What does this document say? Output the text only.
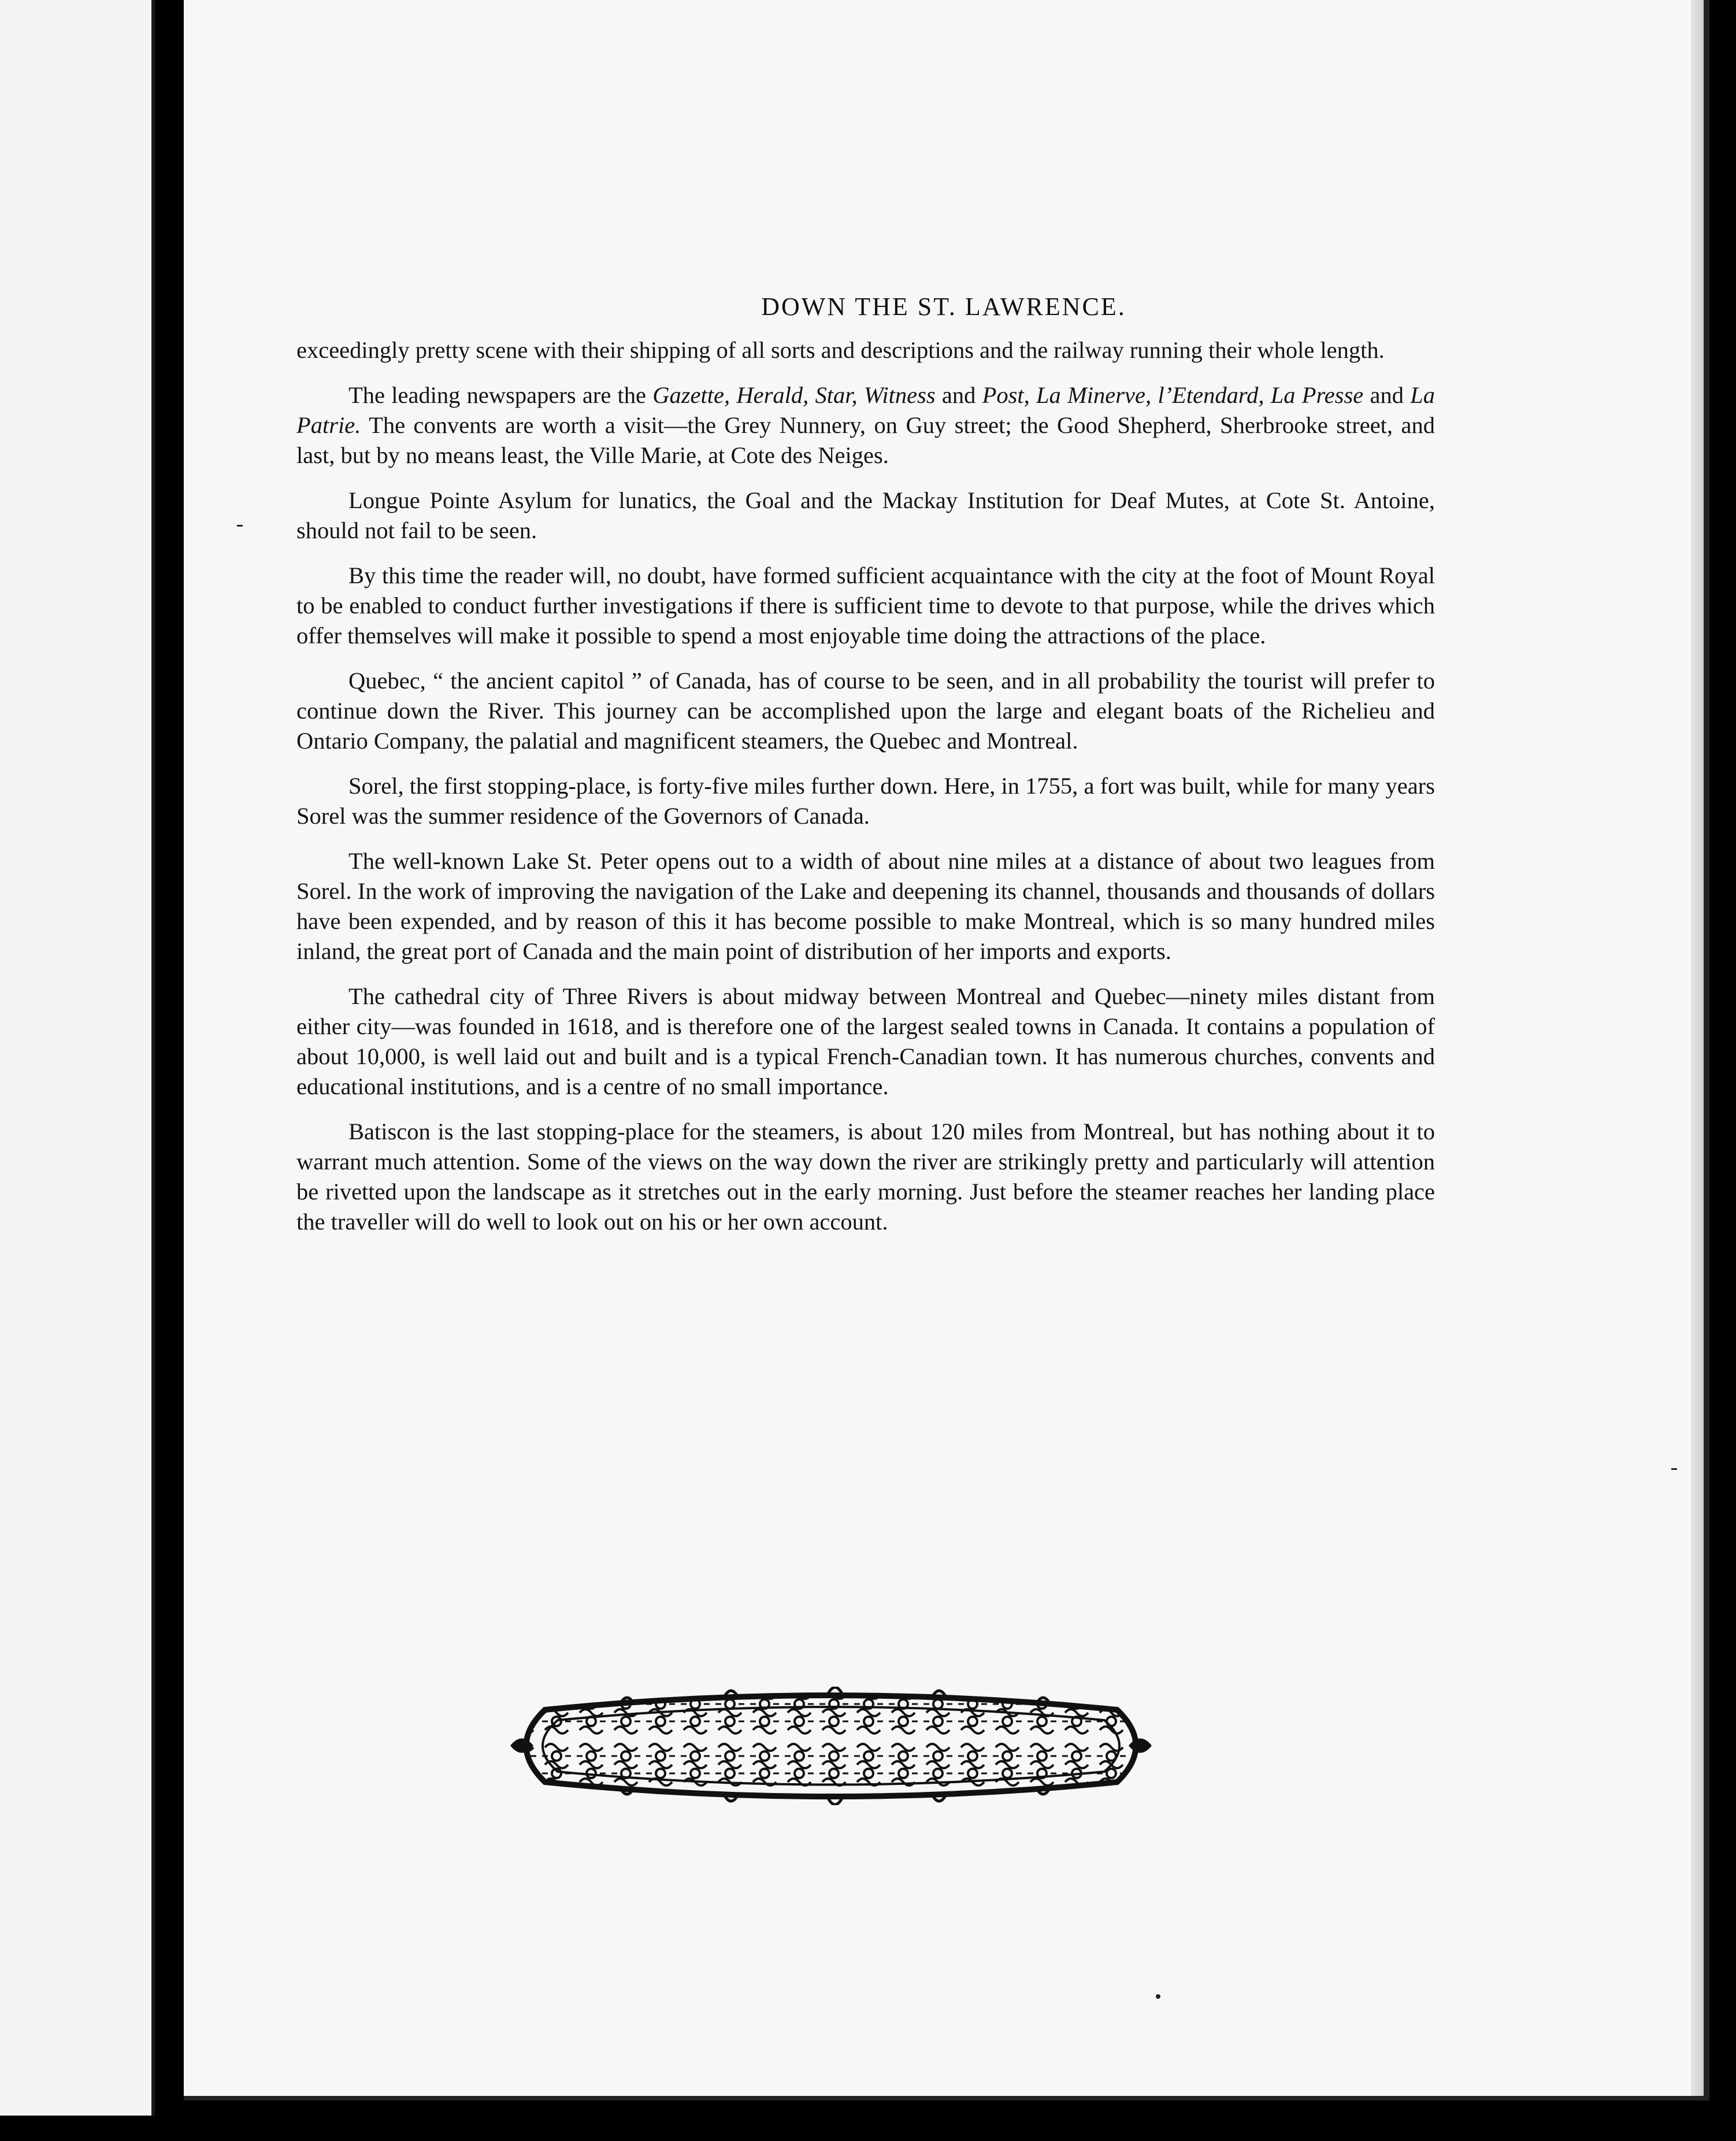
DOWN THE ST. LAWRENCE.

exceedingly pretty scene with their shipping of all sorts and descriptions and the railway running their whole length.

The leading newspapers are the Gazette, Herald, Star, Witness and Post, La Minerve, l’Etendard, La Presse and La Patrie. The convents are worth a visit—the Grey Nunnery, on Guy street; the Good Shepherd, Sherbrooke street, and last, but by no means least, the Ville Marie, at Cote des Neiges.

Longue Pointe Asylum for lunatics, the Goal and the Mackay Institution for Deaf Mutes, at Cote St. Antoine, should not fail to be seen.

By this time the reader will, no doubt, have formed sufficient acquaintance with the city at the foot of Mount Royal to be enabled to conduct further investigations if there is sufficient time to devote to that purpose, while the drives which offer themselves will make it possible to spend a most enjoyable time doing the attractions of the place.

Quebec, “ the ancient capitol ” of Canada, has of course to be seen, and in all probability the tourist will prefer to continue down the River. This journey can be accomplished upon the large and elegant boats of the Richelieu and Ontario Company, the palatial and magnificent steamers, the Quebec and Montreal.

Sorel, the first stopping-place, is forty-five miles further down. Here, in 1755, a fort was built, while for many years Sorel was the summer residence of the Governors of Canada.

The well-known Lake St. Peter opens out to a width of about nine miles at a distance of about two leagues from Sorel. In the work of improving the navigation of the Lake and deepening its channel, thousands and thousands of dollars have been expended, and by reason of this it has become possible to make Montreal, which is so many hundred miles inland, the great port of Canada and the main point of distribution of her imports and exports.

The cathedral city of Three Rivers is about midway between Montreal and Quebec—ninety miles distant from either city—was founded in 1618, and is therefore one of the largest sealed towns in Canada. It contains a population of about 10,000, is well laid out and built and is a typical French-Canadian town. It has numerous churches, convents and educational institutions, and is a centre of no small importance.

Batiscon is the last stopping-place for the steamers, is about 120 miles from Montreal, but has nothing about it to warrant much attention. Some of the views on the way down the river are strikingly pretty and particularly will attention be rivetted upon the landscape as it stretches out in the early morning. Just before the steamer reaches her landing place the traveller will do well to look out on his or her own account.
